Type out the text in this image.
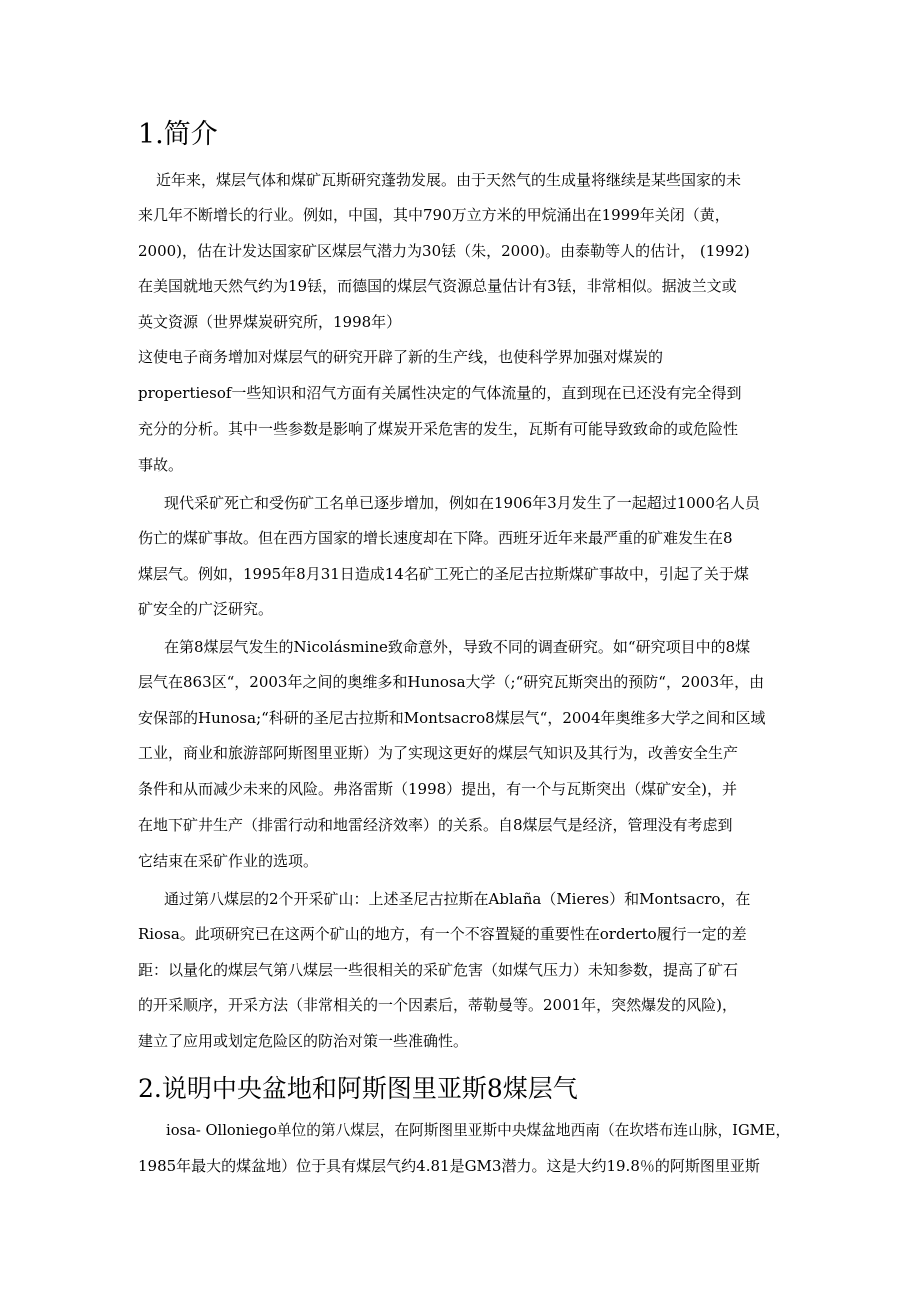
1.简介

近年来，煤层气体和煤矿瓦斯研究蓬勃发展。由于天然气的生成量将继续是某些国家的未

来几年不断增长的行业。例如，中国，其中790万立方米的甲烷涌出在1999年关闭（黄，

2000)，估在计发达国家矿区煤层气潜力为30铥（朱，2000)。由泰勒等人的估计， (1992)

在美国就地天然气约为19铥，而德国的煤层气资源总量估计有3铥，非常相似。据波兰文或

英文资源（世界煤炭研究所，1998年）

这使电子商务增加对煤层气的研究开辟了新的生产线，也使科学界加强对煤炭的

propertiesof一些知识和沼气方面有关属性决定的气体流量的，直到现在已还没有完全得到

充分的分析。其中一些参数是影响了煤炭开采危害的发生，瓦斯有可能导致致命的或危险性

事故。

现代采矿死亡和受伤矿工名单已逐步增加，例如在1906年3月发生了一起超过1000名人员

伤亡的煤矿事故。但在西方国家的增长速度却在下降。西班牙近年来最严重的矿难发生在8

煤层气。例如，1995年8月31日造成14名矿工死亡的圣尼古拉斯煤矿事故中，引起了关于煤

矿安全的广泛研究。

在第8煤层气发生的Nicolásmine致命意外，导致不同的调查研究。如“研究项目中的8煤

层气在863区“，2003年之间的奥维多和Hunosa大学（;“研究瓦斯突出的预防“，2003年，由

安保部的Hunosa;“科研的圣尼古拉斯和Montsacro8煤层气“，2004年奥维多大学之间和区域

工业，商业和旅游部阿斯图里亚斯）为了实现这更好的煤层气知识及其行为，改善安全生产

条件和从而减少未来的风险。弗洛雷斯（1998）提出，有一个与瓦斯突出（煤矿安全)，并

在地下矿井生产（排雷行动和地雷经济效率）的关系。自8煤层气是经济，管理没有考虑到

它结束在采矿作业的选项。

通过第八煤层的2个开采矿山：上述圣尼古拉斯在Ablaña（Mieres）和Montsacro，在

Riosa。此项研究已在这两个矿山的地方，有一个不容置疑的重要性在orderto履行一定的差

距：以量化的煤层气第八煤层一些很相关的采矿危害（如煤气压力）未知参数，提高了矿石

的开采顺序，开采方法（非常相关的一个因素后，蒂勒曼等。2001年，突然爆发的风险)，

建立了应用或划定危险区的防治对策一些准确性。

2.说明中央盆地和阿斯图里亚斯8煤层气

iosa- Olloniego单位的第八煤层，在阿斯图里亚斯中央煤盆地西南（在坎塔布连山脉，IGME，

1985年最大的煤盆地）位于具有煤层气约4.81是GM3潜力。这是大约19.8％的阿斯图里亚斯
